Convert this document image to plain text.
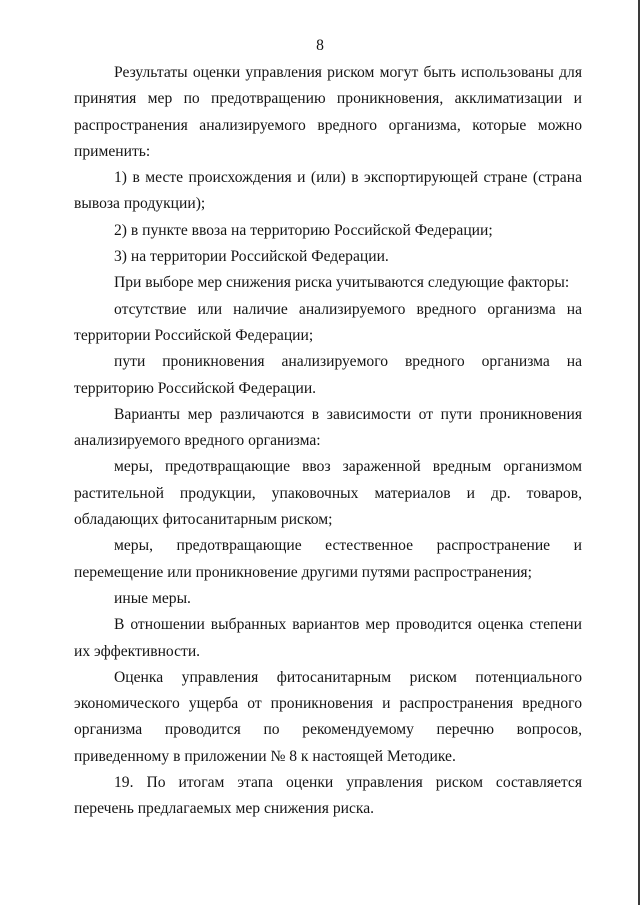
8

Результаты оценки управления риском могут быть использованы для принятия мер по предотвращению проникновения, акклиматизации и распространения анализируемого вредного организма, которые можно применить:

1) в месте происхождения и (или) в экспортирующей стране (страна вывоза продукции);

2) в пункте ввоза на территорию Российской Федерации;

3) на территории Российской Федерации.

При выборе мер снижения риска учитываются следующие факторы:

отсутствие или наличие анализируемого вредного организма на территории Российской Федерации;

пути проникновения анализируемого вредного организма на территорию Российской Федерации.

Варианты мер различаются в зависимости от пути проникновения анализируемого вредного организма:

меры, предотвращающие ввоз зараженной вредным организмом растительной продукции, упаковочных материалов и др. товаров, обладающих фитосанитарным риском;

меры, предотвращающие естественное распространение и перемещение или проникновение другими путями распространения;

иные меры.

В отношении выбранных вариантов мер проводится оценка степени их эффективности.

Оценка управления фитосанитарным риском потенциального экономического ущерба от проникновения и распространения вредного организма проводится по рекомендуемому перечню вопросов, приведенному в приложении № 8 к настоящей Методике.

19. По итогам этапа оценки управления риском составляется перечень предлагаемых мер снижения риска.
